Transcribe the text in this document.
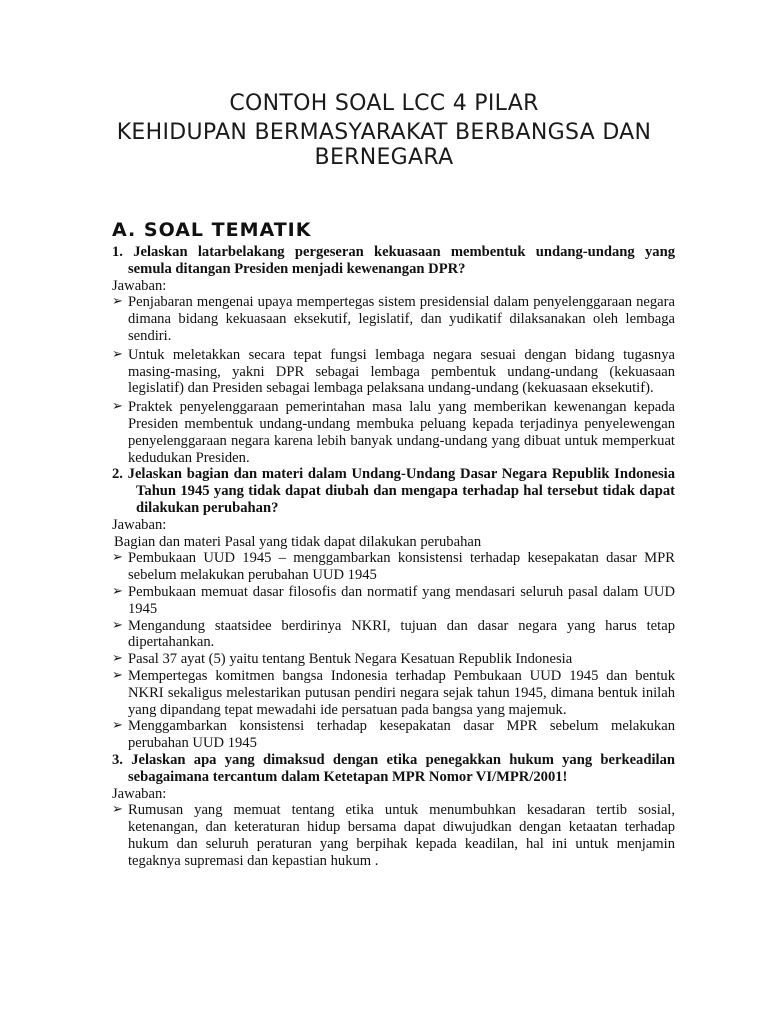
CONTOH SOAL LCC 4 PILAR
KEHIDUPAN BERMASYARAKAT BERBANGSA DAN
BERNEGARA
A. SOAL TEMATIK
1. Jelaskan latarbelakang pergeseran kekuasaan membentuk undang-undang yang semula ditangan Presiden menjadi kewenangan DPR?
Jawaban:
➢ Penjabaran mengenai upaya mempertegas sistem presidensial dalam penyelenggaraan negara dimana bidang kekuasaan eksekutif, legislatif, dan yudikatif dilaksanakan oleh lembaga sendiri.
➢ Untuk meletakkan secara tepat fungsi lembaga negara sesuai dengan bidang tugasnya masing-masing, yakni DPR sebagai lembaga pembentuk undang-undang (kekuasaan legislatif) dan Presiden sebagai lembaga pelaksana undang-undang (kekuasaan eksekutif).
➢ Praktek penyelenggaraan pemerintahan masa lalu yang memberikan kewenangan kepada Presiden membentuk undang-undang membuka peluang kepada terjadinya penyelewengan penyelenggaraan negara karena lebih banyak undang-undang yang dibuat untuk memperkuat kedudukan Presiden.
2. Jelaskan bagian dan materi dalam Undang-Undang Dasar Negara Republik Indonesia Tahun 1945 yang tidak dapat diubah dan mengapa terhadap hal tersebut tidak dapat dilakukan perubahan?
Jawaban:
Bagian dan materi Pasal yang tidak dapat dilakukan perubahan
➢ Pembukaan UUD 1945 – menggambarkan konsistensi terhadap kesepakatan dasar MPR sebelum melakukan perubahan UUD 1945
➢ Pembukaan memuat dasar filosofis dan normatif yang mendasari seluruh pasal dalam UUD 1945
➢ Mengandung staatsidee berdirinya NKRI, tujuan dan dasar negara yang harus tetap dipertahankan.
➢ Pasal 37 ayat (5) yaitu tentang Bentuk Negara Kesatuan Republik Indonesia
➢ Mempertegas komitmen bangsa Indonesia terhadap Pembukaan UUD 1945 dan bentuk NKRI sekaligus melestarikan putusan pendiri negara sejak tahun 1945, dimana bentuk inilah yang dipandang tepat mewadahi ide persatuan pada bangsa yang majemuk.
➢ Menggambarkan konsistensi terhadap kesepakatan dasar MPR sebelum melakukan perubahan UUD 1945
3. Jelaskan apa yang dimaksud dengan etika penegakkan hukum yang berkeadilan sebagaimana tercantum dalam Ketetapan MPR Nomor VI/MPR/2001!
Jawaban:
➢ Rumusan yang memuat tentang etika untuk menumbuhkan kesadaran tertib sosial, ketenangan, dan keteraturan hidup bersama dapat diwujudkan dengan ketaatan terhadap hukum dan seluruh peraturan yang berpihak kepada keadilan, hal ini untuk menjamin tegaknya supremasi dan kepastian hukum .
